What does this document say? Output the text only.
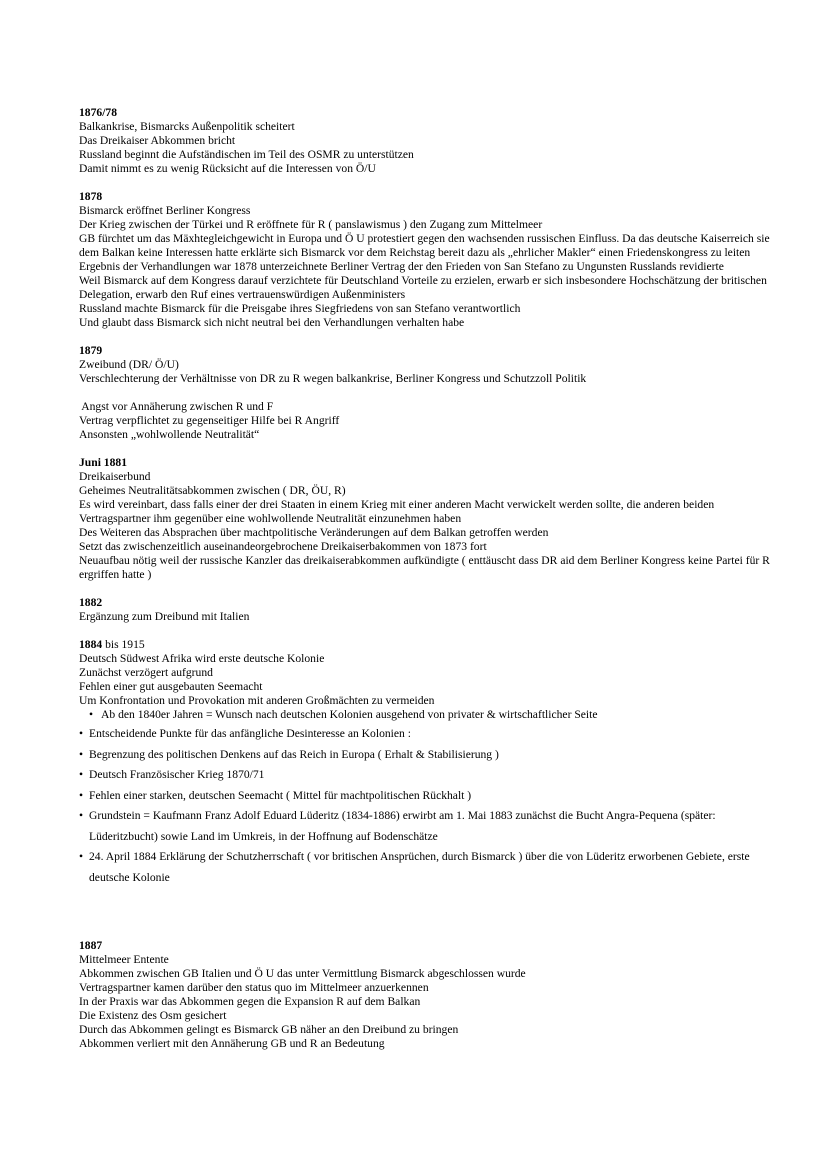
1876/78
Balkankrise, Bismarcks Außenpolitik scheitert
Das Dreikaiser Abkommen bricht
Russland beginnt die Aufständischen im Teil des OSMR zu unterstützen
Damit nimmt es zu wenig Rücksicht auf die Interessen von Ö/U
1878
Bismarck eröffnet Berliner Kongress
Der Krieg zwischen der Türkei und R eröffnete für R ( panslawismus ) den Zugang zum Mittelmeer
GB fürchtet um das Mäxhtegleichgewicht in Europa und Ö U protestiert gegen den wachsenden russischen Einfluss. Da das deutsche Kaiserreich sie dem Balkan keine Interessen hatte erklärte sich Bismarck vor dem Reichstag bereit dazu als „ehrlicher Makler“ einen Friedenskongress zu leiten
Ergebnis der Verhandlungen war 1878 unterzeichnete Berliner Vertrag der den Frieden von San Stefano zu Ungunsten Russlands revidierte
Weil Bismarck auf dem Kongress darauf verzichtete für Deutschland Vorteile zu erzielen, erwarb er sich insbesondere Hochschätzung der britischen Delegation, erwarb den Ruf eines vertrauenswürdigen Außenministers
Russland machte Bismarck für die Preisgabe ihres Siegfriedens von san Stefano verantwortlich
Und glaubt dass Bismarck sich nicht neutral bei den Verhandlungen verhalten habe
1879
Zweibund (DR/ Ö/U)
Verschlechterung der Verhältnisse von DR zu R wegen balkankrise, Berliner Kongress und Schutzzoll Politik
Angst vor Annäherung zwischen R und F
Vertrag verpflichtet zu gegenseitiger Hilfe bei R Angriff
Ansonsten „wohlwollende Neutralität“
Juni 1881
Dreikaiserbund
Geheimes Neutralitätsabkommen zwischen ( DR, ÖU, R)
Es wird vereinbart, dass falls einer der drei Staaten in einem Krieg mit einer anderen Macht verwickelt werden sollte, die anderen beiden Vertragspartner ihm gegenüber eine wohlwollende Neutralität einzunehmen haben
Des Weiteren das Absprachen über machtpolitische Veränderungen auf dem Balkan getroffen werden
Setzt das zwischenzeitlich auseinandeorgebrochene Dreikaiserbakommen von 1873 fort
Neuaufbau nötig weil der russische Kanzler das dreikaiserabkommen aufkündigte ( enttäuscht dass DR aid dem Berliner Kongress keine Partei für R ergriffen hatte )
1882
Ergänzung zum Dreibund mit Italien
1884 bis 1915
Deutsch Südwest Afrika wird erste deutsche Kolonie
Zunächst verzögert aufgrund
Fehlen einer gut ausgebauten Seemacht
Um Konfrontation und Provokation mit anderen Großmächten zu vermeiden
• Ab den 1840er Jahren = Wunsch nach deutschen Kolonien ausgehend von privater & wirtschaftlicher Seite
• Entscheidende Punkte für das anfängliche Desinteresse an Kolonien :
• Begrenzung des politischen Denkens auf das Reich in Europa ( Erhalt & Stabilisierung )
• Deutsch Französischer Krieg 1870/71
• Fehlen einer starken, deutschen Seemacht ( Mittel für machtpolitischen Rückhalt )
• Grundstein = Kaufmann Franz Adolf Eduard Lüderitz (1834-1886) erwirbt am 1. Mai 1883 zunächst die Bucht Angra-Pequena (später: Lüderitzbucht) sowie Land im Umkreis, in der Hoffnung auf Bodenschätze
• 24. April 1884 Erklärung der Schutzherrschaft ( vor britischen Ansprüchen, durch Bismarck ) über die von Lüderitz erworbenen Gebiete, erste deutsche Kolonie
1887
Mittelmeer Entente
Abkommen zwischen GB Italien und Ö U das unter Vermittlung Bismarck abgeschlossen wurde
Vertragspartner kamen darüber den status quo im Mittelmeer anzuerkennen
In der Praxis war das Abkommen gegen die Expansion R auf dem Balkan
Die Existenz des Osm gesichert
Durch das Abkommen gelingt es Bismarck GB näher an den Dreibund zu bringen
Abkommen verliert mit den Annäherung GB und R an Bedeutung
